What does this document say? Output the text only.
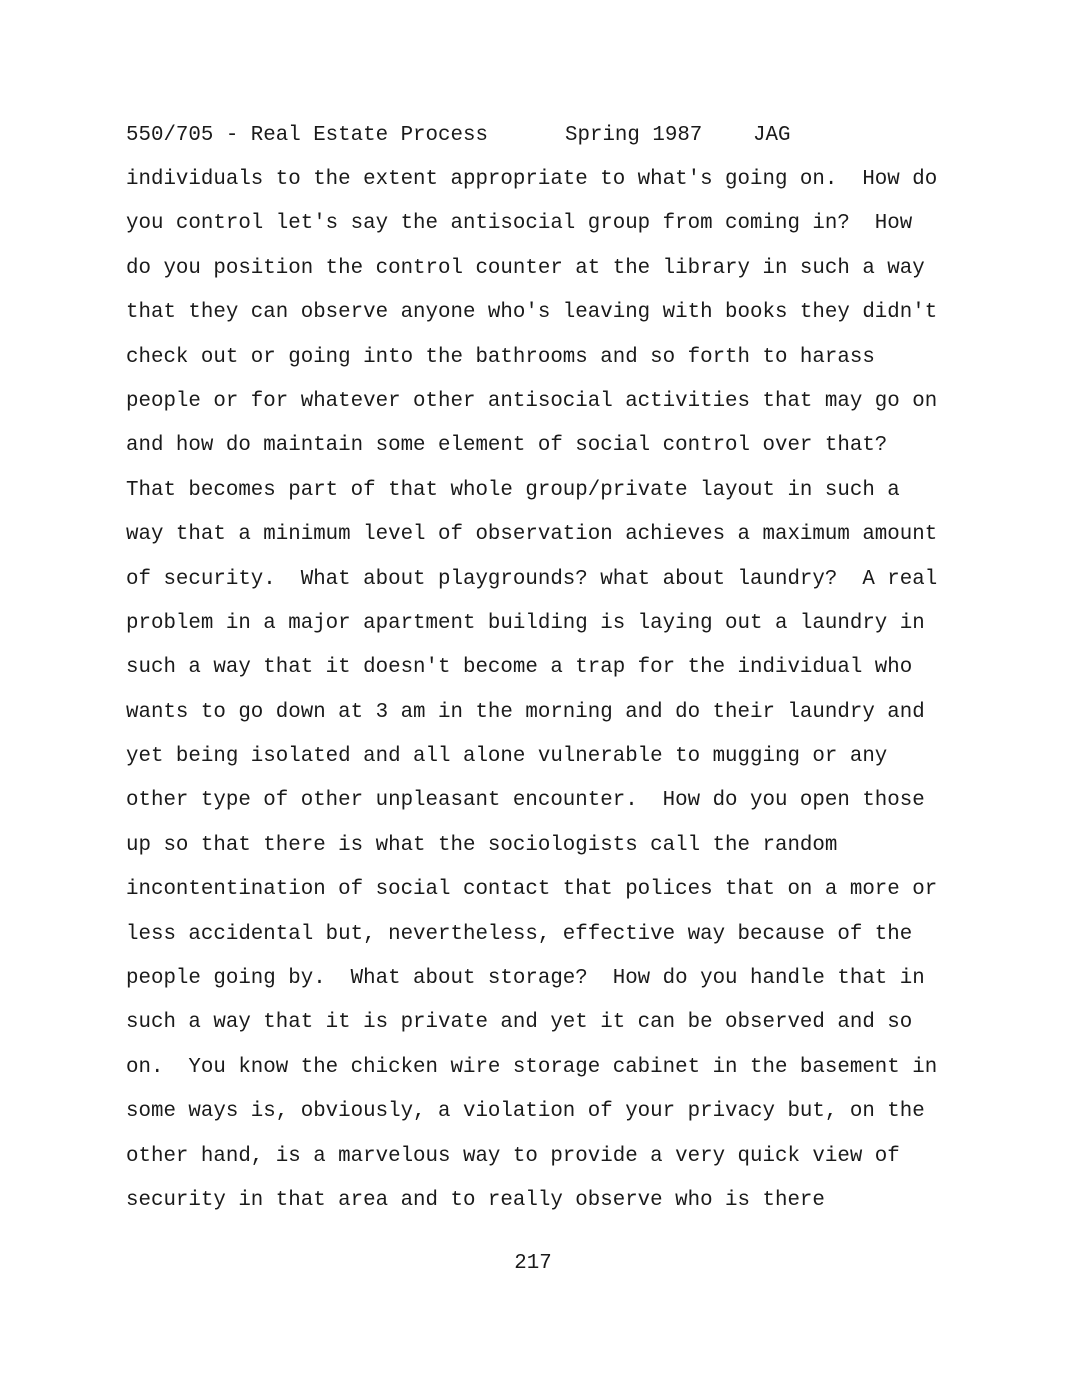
550/705 - Real Estate Process

	Spring 1987

JAG

individuals to the extent appropriate to what's going on.  How do
you control let's say the antisocial group from coming in?  How
do you position the control counter at the library in such a way
that they can observe anyone who's leaving with books they didn't
check out or going into the bathrooms and so forth to harass
people or for whatever other antisocial activities that may go on
and how do maintain some element of social control over that?
That becomes part of that whole group/private layout in such a
way that a minimum level of observation achieves a maximum amount
of security.  What about playgrounds? what about laundry?  A real
problem in a major apartment building is laying out a laundry in
such a way that it doesn't become a trap for the individual who
wants to go down at 3 am in the morning and do their laundry and
yet being isolated and all alone vulnerable to mugging or any
other type of other unpleasant encounter.  How do you open those
up so that there is what the sociologists call the random
incontentination of social contact that polices that on a more or
less accidental but, nevertheless, effective way because of the
people going by.  What about storage?  How do you handle that in
such a way that it is private and yet it can be observed and so
on.  You know the chicken wire storage cabinet in the basement in
some ways is, obviously, a violation of your privacy but, on the
other hand, is a marvelous way to provide a very quick view of
security in that area and to really observe who is there
217
